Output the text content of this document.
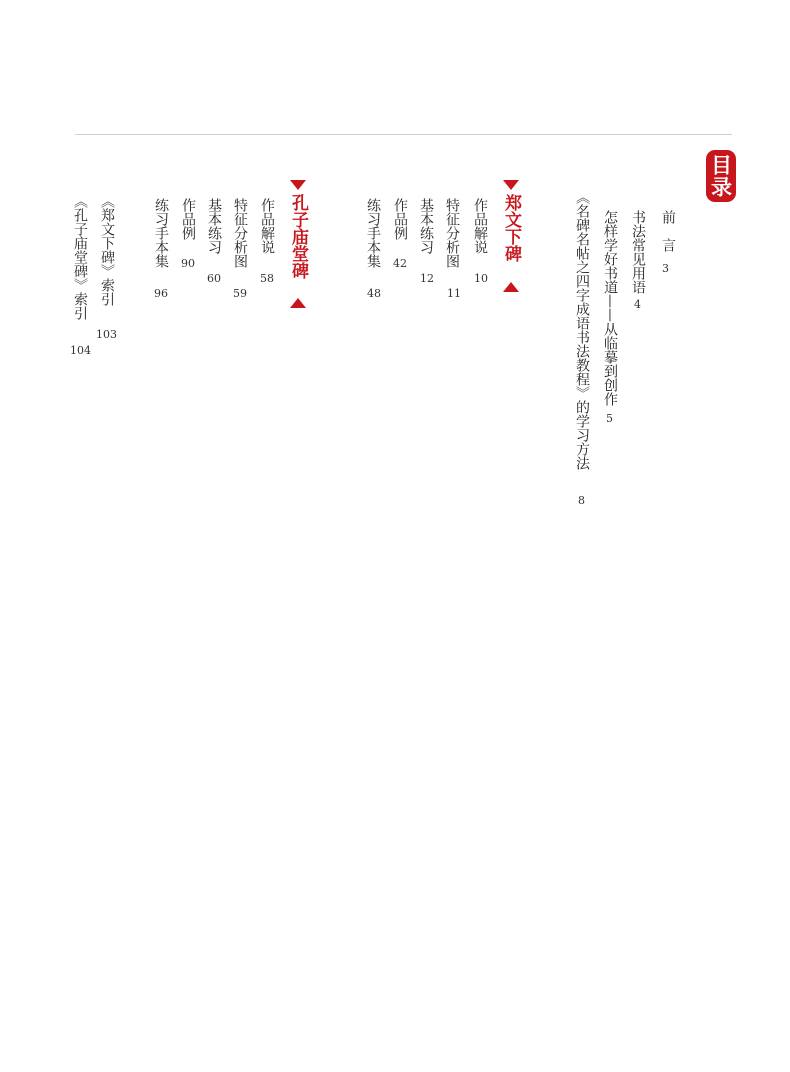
目录
前　言
3
书法常见用语
4
怎样学好书道——从临摹到创作
5
《名碑名帖之四字成语书法教程》的学习方法
8
郑文下碑
作品解说
10
特征分析图
11
基本练习
12
作品例
42
练习手本集
48
孔子庙堂碑
作品解说
58
特征分析图
59
基本练习
60
作品例
90
练习手本集
96
《郑文下碑》索引
103
《孔子庙堂碑》索引
104
